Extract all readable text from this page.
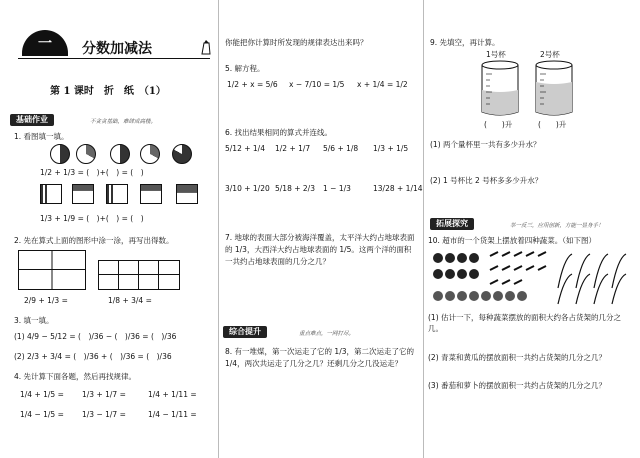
一	分数加减法
第 1 课时　折　纸　（1）
基础作业	不贪贪基础，难肆成高楼。
1. 看图填一填。
1/2 + 1/3 = (　)+(　) = (　)
1/3 + 1/9 = (　)+(　) = (　)
2. 先在算式上面的图形中涂一涂，再写出得数。
2/9 + 1/3 =	1/8 + 3/4 =
3. 填一填。
(1) 4/9 − 5/12 = (　)/36 − (　)/36 = (　)/36
(2) 2/3 + 3/4 = (　)/36 + (　)/36 = (　)/36
4. 先计算下面各题，然后再找规律。
1/4 + 1/5 = 1/3 + 1/7 =	1/4 + 1/11 =
1/4 − 1/5 = 1/3 − 1/7 =	1/4 − 1/11 =
你能把你计算时所发现的规律表达出来吗？
5. 解方程。
1/2 + x = 5/6 x − 7/10 = 1/5 x + 1/4 = 1/2
6. 找出结果相同的算式并连线。
5/12 + 1/4 1/2 + 1/7 5/6 + 1/8 1/3 + 1/5
3/10 + 1/20 5/18 + 2/3 1 − 1/3	13/28 + 1/14
7. 地球的表面大部分被海洋覆盖，太平洋大约占地球表面的 1/3，大西洋大约占地球表面的 1/5。这两个洋的面积一共约占地球表面的几分之几？
综合提升	重点难点，一网打尽。
8. 有一堆煤，第一次运走了它的 1/3，第二次运走了它的 1/4，两次共运走了几分之几？还剩几分之几没运走？
9. 先填空，再计算。
1号杯	2号杯
(　　)升	(　　)升
(1) 两个量杯里一共有多少升水？
(2) 1 号杯比 2 号杯多多少升水？
拓展探究	举一反三，应用创新，方能一显身手！
10. 超市的一个货架上摆放着四种蔬菜。（如下图）
(1) 估计一下，每种蔬菜摆放的面积大约各占货架的几分之几。
(2) 青菜和黄瓜的摆放面积一共约占货架的几分之几？
(3) 番茄和萝卜的摆放面积一共约占货架的几分之几？
